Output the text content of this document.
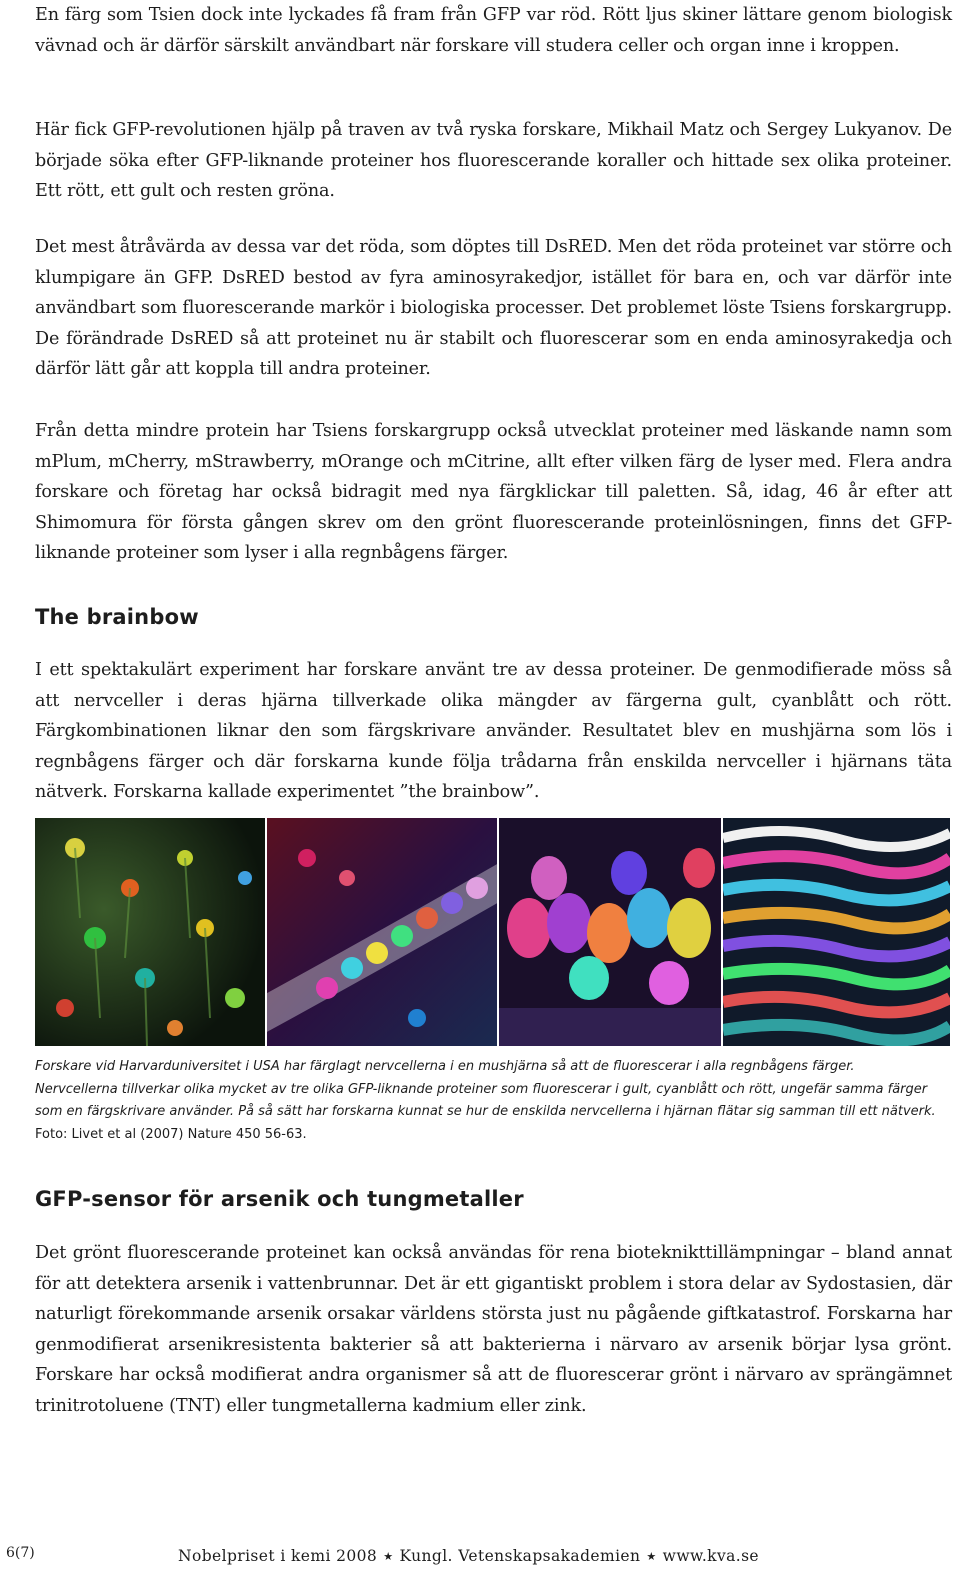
En färg som Tsien dock inte lyckades få fram från GFP var röd. Rött ljus skiner lättare genom biologisk vävnad och är därför särskilt användbart när forskare vill studera celler och organ inne i kroppen.

Här fick GFP-revolutionen hjälp på traven av två ryska forskare, Mikhail Matz och Sergey Lukyanov. De började söka efter GFP-liknande proteiner hos fluorescerande koraller och hittade sex olika proteiner. Ett rött, ett gult och resten gröna.

Det mest åtråvärda av dessa var det röda, som döptes till DsRED. Men det röda proteinet var större och klumpigare än GFP. DsRED bestod av fyra aminosyrakedjor, istället för bara en, och var därför inte användbart som fluorescerande markör i biologiska processer. Det problemet löste Tsiens forskargrupp. De förändrade DsRED så att proteinet nu är stabilt och fluorescerar som en enda aminosyrakedja och därför lätt går att koppla till andra proteiner.

Från detta mindre protein har Tsiens forskargrupp också utvecklat proteiner med läskande namn som mPlum, mCherry, mStrawberry, mOrange och mCitrine, allt efter vilken färg de lyser med. Flera andra forskare och företag har också bidragit med nya färgklickar till paletten. Så, idag, 46 år efter att Shimomura för första gången skrev om den grönt fluorescerande proteinlösningen, finns det GFP-liknande proteiner som lyser i alla regnbågens färger.

The brainbow

I ett spektakulärt experiment har forskare använt tre av dessa proteiner. De genmodifierade möss så att nervceller i deras hjärna tillverkade olika mängder av färgerna gult, cyanblått och rött. Färgkombinationen liknar den som färgskrivare använder. Resultatet blev en mushjärna som lös i regnbågens färger och där forskarna kunde följa trådarna från enskilda nervceller i hjärnans täta nätverk. Forskarna kallade experimentet ”the brainbow”.

Forskare vid Harvarduniversitet i USA har färglagt nervcellerna i en mushjärna så att de fluorescerar i alla regnbågens färger. Nervcellerna tillverkar olika mycket av tre olika GFP-liknande proteiner som fluorescerar i gult, cyanblått och rött, ungefär samma färger som en färgskrivare använder. På så sätt har forskarna kunnat se hur de enskilda nervcellerna i hjärnan flätar sig samman till ett nätverk. Foto: Livet et al (2007) Nature 450 56-63.

GFP-sensor för arsenik och tungmetaller

Det grönt fluorescerande proteinet kan också användas för rena bioteknikttillämpningar – bland annat för att detektera arsenik i vattenbrunnar. Det är ett gigantiskt problem i stora delar av Sydostasien, där naturligt förekommande arsenik orsakar världens största just nu pågående giftkatastrof. Forskarna har genmodifierat arsenikresistenta bakterier så att bakterierna i närvaro av arsenik börjar lysa grönt. Forskare har också modifierat andra organismer så att de fluorescerar grönt i närvaro av sprängämnet trinitrotoluene (TNT) eller tungmetallerna kadmium eller zink.

6(7)	Nobelpriset i kemi 2008 ★ Kungl. Vetenskapsakademien ★ www.kva.se
